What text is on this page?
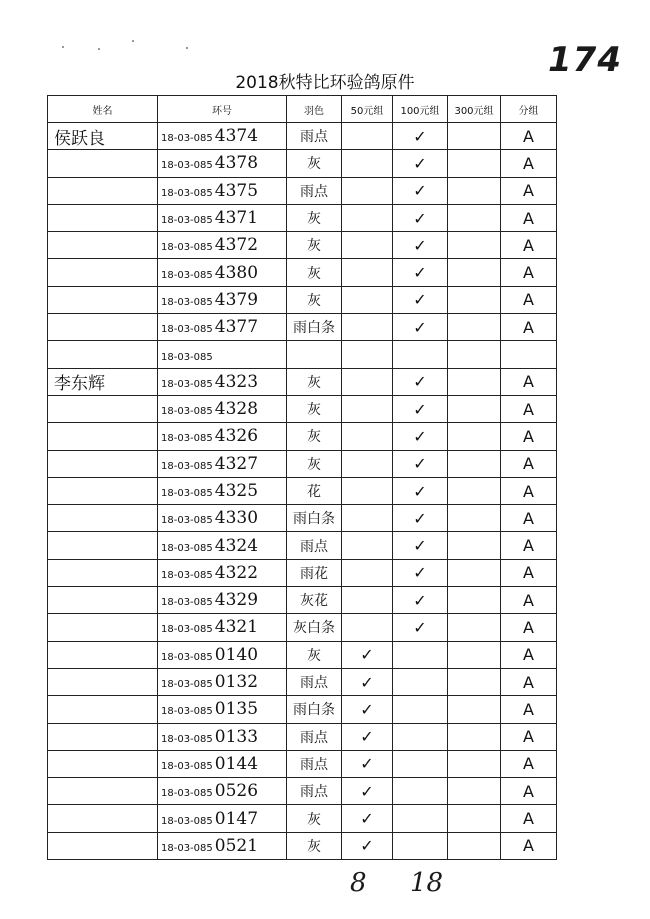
174
2018秋特比环验鸽原件
姓名	环号	羽色	50元组	100元组	300元组	分组
侯跃良	18-03-085 4374	雨点		✓		A
	18-03-085 4378	灰		✓		A
	18-03-085 4375	雨点		✓		A
	18-03-085 4371	灰		✓		A
	18-03-085 4372	灰		✓		A
	18-03-085 4380	灰		✓		A
	18-03-085 4379	灰		✓		A
	18-03-085 4377	雨白条		✓		A
	18-03-085					
李东辉	18-03-085 4323	灰		✓		A
	18-03-085 4328	灰		✓		A
	18-03-085 4326	灰		✓		A
	18-03-085 4327	灰		✓		A
	18-03-085 4325	花		✓		A
	18-03-085 4330	雨白条		✓		A
	18-03-085 4324	雨点		✓		A
	18-03-085 4322	雨花		✓		A
	18-03-085 4329	灰花		✓		A
	18-03-085 4321	灰白条		✓		A
	18-03-085 0140	灰	✓			A
	18-03-085 0132	雨点	✓			A
	18-03-085 0135	雨白条	✓			A
	18-03-085 0133	雨点	✓			A
	18-03-085 0144	雨点	✓			A
	18-03-085 0526	雨点	✓			A
	18-03-085 0147	灰	✓			A
	18-03-085 0521	灰	✓			A
8 18
